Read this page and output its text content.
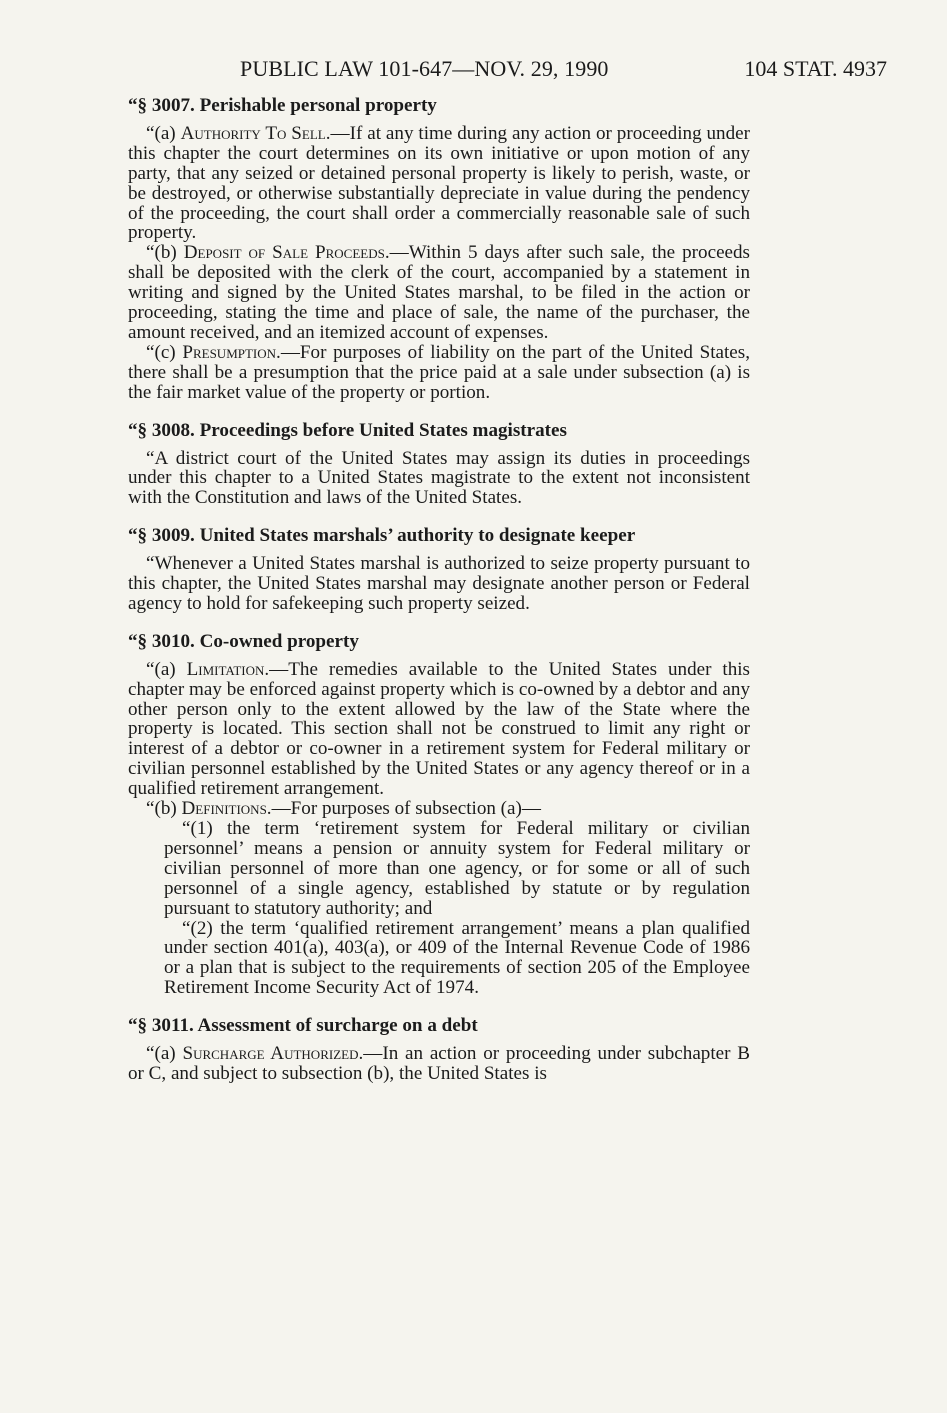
PUBLIC LAW 101-647—NOV. 29, 1990	104 STAT. 4937

“§ 3007. Perishable personal property

“(a) Authority To Sell.—If at any time during any action or proceeding under this chapter the court determines on its own initiative or upon motion of any party, that any seized or detained personal property is likely to perish, waste, or be destroyed, or otherwise substantially depreciate in value during the pendency of the proceeding, the court shall order a commercially reasonable sale of such property.

“(b) Deposit of Sale Proceeds.—Within 5 days after such sale, the proceeds shall be deposited with the clerk of the court, accompanied by a statement in writing and signed by the United States marshal, to be filed in the action or proceeding, stating the time and place of sale, the name of the purchaser, the amount received, and an itemized account of expenses.

“(c) Presumption.—For purposes of liability on the part of the United States, there shall be a presumption that the price paid at a sale under subsection (a) is the fair market value of the property or portion.

“§ 3008. Proceedings before United States magistrates

“A district court of the United States may assign its duties in proceedings under this chapter to a United States magistrate to the extent not inconsistent with the Constitution and laws of the United States.

“§ 3009. United States marshals’ authority to designate keeper

“Whenever a United States marshal is authorized to seize property pursuant to this chapter, the United States marshal may designate another person or Federal agency to hold for safekeeping such property seized.

“§ 3010. Co-owned property

“(a) Limitation.—The remedies available to the United States under this chapter may be enforced against property which is co-owned by a debtor and any other person only to the extent allowed by the law of the State where the property is located. This section shall not be construed to limit any right or interest of a debtor or co-owner in a retirement system for Federal military or civilian personnel established by the United States or any agency thereof or in a qualified retirement arrangement.

“(b) Definitions.—For purposes of subsection (a)—

“(1) the term ‘retirement system for Federal military or civilian personnel’ means a pension or annuity system for Federal military or civilian personnel of more than one agency, or for some or all of such personnel of a single agency, established by statute or by regulation pursuant to statutory authority; and

“(2) the term ‘qualified retirement arrangement’ means a plan qualified under section 401(a), 403(a), or 409 of the Internal Revenue Code of 1986 or a plan that is subject to the requirements of section 205 of the Employee Retirement Income Security Act of 1974.

“§ 3011. Assessment of surcharge on a debt

“(a) Surcharge Authorized.—In an action or proceeding under subchapter B or C, and subject to subsection (b), the United States is
